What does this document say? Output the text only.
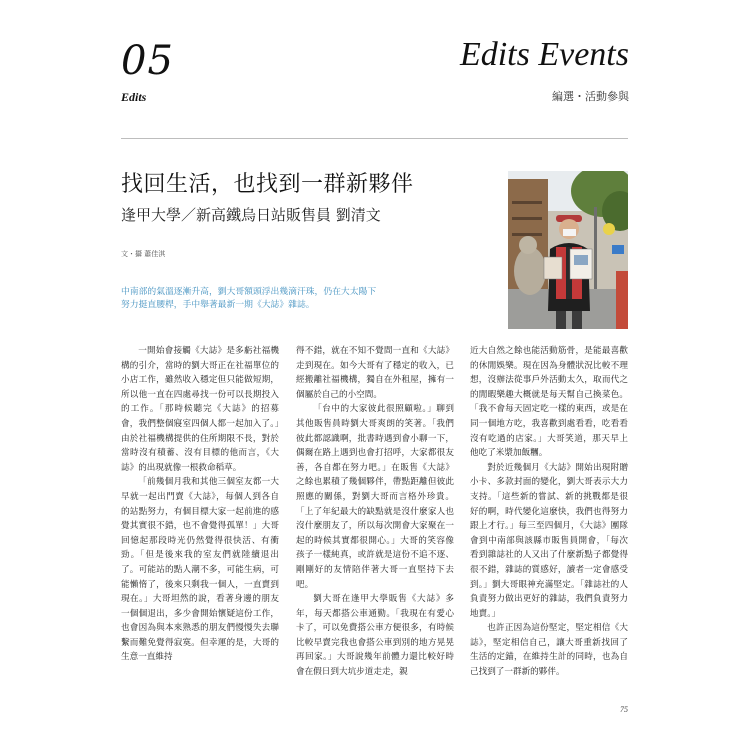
05
Edits
Edits Events
編選・活動參與
找回生活，也找到一群新夥伴
逢甲大學／新高鐵烏日站販售員 劉清文
文・攝 蕭佳淇

中南部的氣溫逐漸升高，劉大哥額頭浮出幾滴汗珠，仍在大太陽下努力挺直腰桿，手中舉著最新一期《大誌》雜誌。

一開始會接觸《大誌》是多虧社福機構的引介，當時的劉大哥正在社福單位的小店工作，雖然收入穩定但只能做短期，所以他一直在四處尋找一份可以長期投入的工作。「那時候聽完《大誌》的招募會，我們整個寢室四個人都一起加入了。」由於社福機構提供的住所期限不長，對於當時沒有積蓄、沒有目標的他而言，《大誌》的出現就像一根救命稻草。

「前幾個月我和其他三個室友都一大早就一起出門賣《大誌》，每個人到各自的站點努力，有個目標大家一起前進的感覺其實很不錯，也不會覺得孤單！」大哥回憶起那段時光仍然覺得很快活、有衝勁。「但是後來我的室友們就陸續退出了。可能站的點人潮不多，可能生病，可能懶惰了，後來只剩我一個人，一直賣到現在。」大哥坦然的說，看著身邊的朋友一個個退出，多少會開始懷疑這份工作，也會因為與本來熟悉的朋友們慢慢失去聯繫而難免覺得寂寞。但幸運的是，大哥的生意一直維持

得不錯，就在不知不覺間一直和《大誌》走到現在。如今大哥有了穩定的收入，已經搬離社福機構，獨自在外租屋，擁有一個屬於自己的小空間。

「台中的大家彼此很照顧啦。」聊到其他販售員時劉大哥爽朗的笑著。「我們彼此都認識啊，批書時遇到會小聊一下，偶爾在路上遇到也會打招呼，大家都很友善，各自都在努力吧。」在販售《大誌》之餘也累積了幾個夥伴，帶點距離但彼此照應的關係，對劉大哥而言格外珍貴。「上了年紀最大的缺點就是沒什麼家人也沒什麼朋友了，所以每次開會大家聚在一起的時候其實都很開心。」大哥的笑容像孩子一樣純真，或許就是這份不追不逐、剛剛好的友情陪伴著大哥一直堅持下去吧。

劉大哥在逢甲大學販售《大誌》多年，每天都搭公車通勤。「我現在有愛心卡了，可以免費搭公車方便很多，有時候比較早賣完我也會搭公車到別的地方晃晃再回家。」大哥說幾年前體力還比較好時會在假日到大坑步道走走，親

近大自然之餘也能活動筋骨，是能最喜歡的休閒娛樂。現在因為身體狀況比較不理想，沒辦法從事戶外活動太久，取而代之的閒暇樂趣大概就是每天幫自己換菜色。「我不會每天固定吃一樣的東西，或是在同一個地方吃，我喜歡到處看看，吃看看沒有吃過的店家。」大哥笑道，那天早上他吃了米漿加飯糰。

對於近幾個月《大誌》開始出現附贈小卡、多款封面的變化，劉大哥表示大力支持。「這些新的嘗試、新的挑戰都是很好的啊，時代變化這麼快，我們也得努力跟上才行。」每三至四個月，《大誌》團隊會到中南部與該縣市販售員開會，「每次看到雜誌社的人又出了什麼新點子都覺得很不錯，雜誌的質感好，讀者一定會感受到。」劉大哥眼神充滿堅定。「雜誌社的人負責努力做出更好的雜誌，我們負責努力地賣。」

也許正因為這份堅定，堅定相信《大誌》，堅定相信自己，讓大哥重新找回了生活的定錨，在維持生計的同時，也為自己找到了一群新的夥伴。

75
